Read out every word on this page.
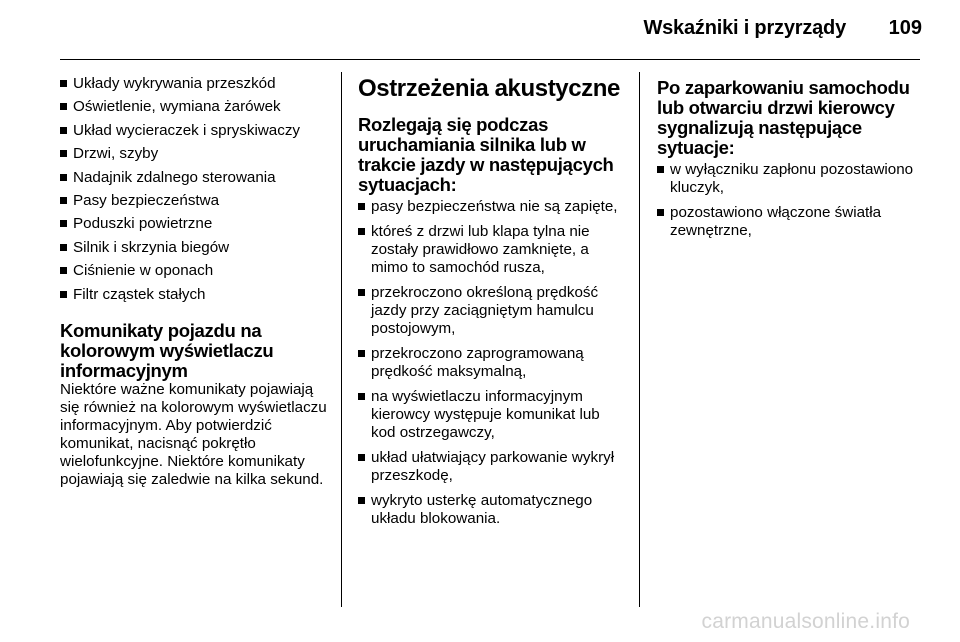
Wskaźniki i przyrządy 109
Układy wykrywania przeszkód
Oświetlenie, wymiana żarówek
Układ wycieraczek i spryskiwaczy
Drzwi, szyby
Nadajnik zdalnego sterowania
Pasy bezpieczeństwa
Poduszki powietrzne
Silnik i skrzynia biegów
Ciśnienie w oponach
Filtr cząstek stałych
Komunikaty pojazdu na kolorowym wyświetlaczu informacyjnym

Niektóre ważne komunikaty pojawiają się również na kolorowym wyświetlaczu informacyjnym. Aby potwierdzić komunikat, nacisnąć pokrętło wielofunkcyjne. Niektóre komunikaty pojawiają się zaledwie na kilka sekund.

Ostrzeżenia akustyczne
Rozlegają się podczas uruchamiania silnika lub w trakcie jazdy w następujących sytuacjach:
pasy bezpieczeństwa nie są zapięte,
któreś z drzwi lub klapa tylna nie zostały prawidłowo zamknięte, a mimo to samochód rusza,
przekroczono określoną prędkość jazdy przy zaciągniętym hamulcu postojowym,
przekroczono zaprogramowaną prędkość maksymalną,
na wyświetlaczu informacyjnym kierowcy występuje komunikat lub kod ostrzegawczy,
układ ułatwiający parkowanie wykrył przeszkodę,
wykryto usterkę automatycznego układu blokowania.
Po zaparkowaniu samochodu lub otwarciu drzwi kierowcy sygnalizują następujące sytuacje:
w wyłączniku zapłonu pozostawiono kluczyk,
pozostawiono włączone światła zewnętrzne,
carmanualsonline.info
